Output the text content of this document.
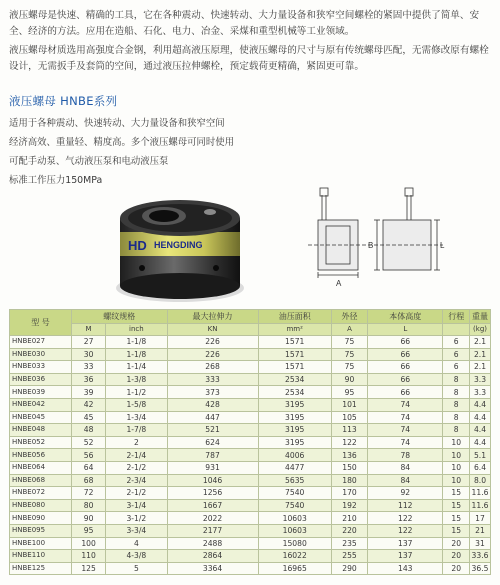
液压螺母是快速、精确的工具，它在各种震动、快速转动、大力量设备和狭窄空间螺栓的紧固中提供了简单、安全、经济的方法。应用在造船、石化、电力、冶金、采煤和重型机械等工业领域。

液压螺母材质选用高强度合金钢，利用超高液压原理，使液压螺母的尺寸与原有传统螺母匹配，无需修改原有螺栓设计，无需扳手及套筒的空间，通过液压拉伸螺栓，预定载荷更精确，紧固更可靠。

液压螺母 HNBE系列
适用于各种震动、快速转动、大力量设备和狭窄空间
经济高效、重量轻、精度高。多个液压螺母可同时使用
可配手动泵、气动液压泵和电动液压泵
标准工作压力150MPa
HD HENGDING
A
B	L
型 号	螺纹规格		最大拉伸力	油压面积	外径	本体高度	行程	重量
	M	inch	KN	mm²	A	L		(kg)
HNBE027	27	1-1/8	226	1571	75	66	6	2.1
HNBE030	30	1-1/8	226	1571	75	66	6	2.1
HNBE033	33	1-1/4	268	1571	75	66	6	2.1
HNBE036	36	1-3/8	333	2534	90	66	8	3.3
HNBE039	39	1-1/2	373	2534	95	66	8	3.3
HNBE042	42	1-5/8	428	3195	101	74	8	4.4
HNBE045	45	1-3/4	447	3195	105	74	8	4.4
HNBE048	48	1-7/8	521	3195	113	74	8	4.4
HNBE052	52	2	624	3195	122	74	10	4.4
HNBE056	56	2-1/4	787	4006	136	78	10	5.1
HNBE064	64	2-1/2	931	4477	150	84	10	6.4
HNBE068	68	2-3/4	1046	5635	180	84	10	8.0
HNBE072	72	2-1/2	1256	7540	170	92	15	11.6
HNBE080	80	3-1/4	1667	7540	192	112	15	11.6
HNBE090	90	3-1/2	2022	10603	210	122	15	17
HNBE095	95	3-3/4	2177	10603	220	122	15	21
HNBE100	100	4	2488	15080	235	137	20	31
HNBE110	110	4-3/8	2864	16022	255	137	20	33.6
HNBE125	125	5	3364	16965	290	143	20	36.5
